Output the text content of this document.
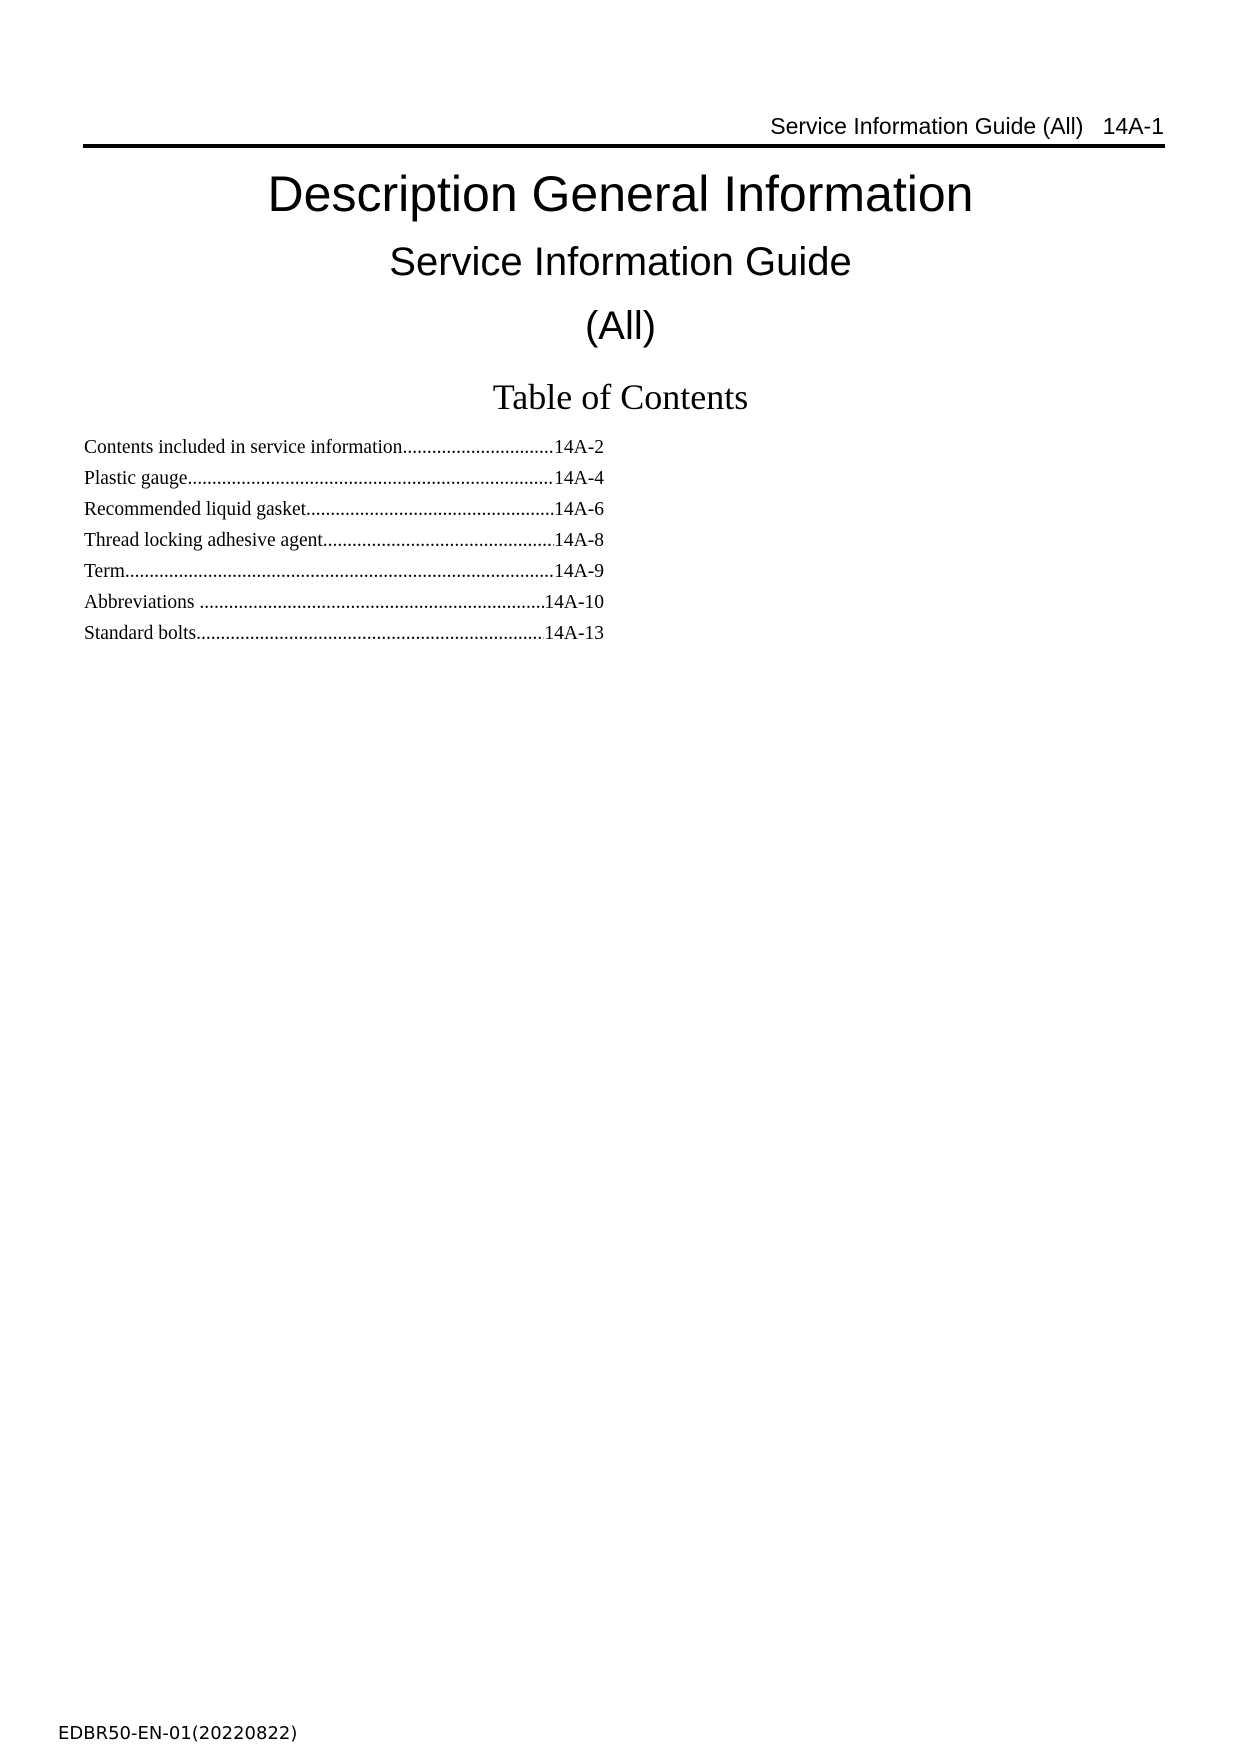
Service Information Guide (All) 14A-1
Description General Information
Service Information Guide
(All)
Table of Contents
Contents included in service information .....	14A-2
Plastic gauge .....	14A-4
Recommended liquid gasket .....	14A-6
Thread locking adhesive agent .....	14A-8
Term .....	14A-9
Abbreviations .....	14A-10
Standard bolts .....	14A-13
EDBR50-EN-01(20220822)
